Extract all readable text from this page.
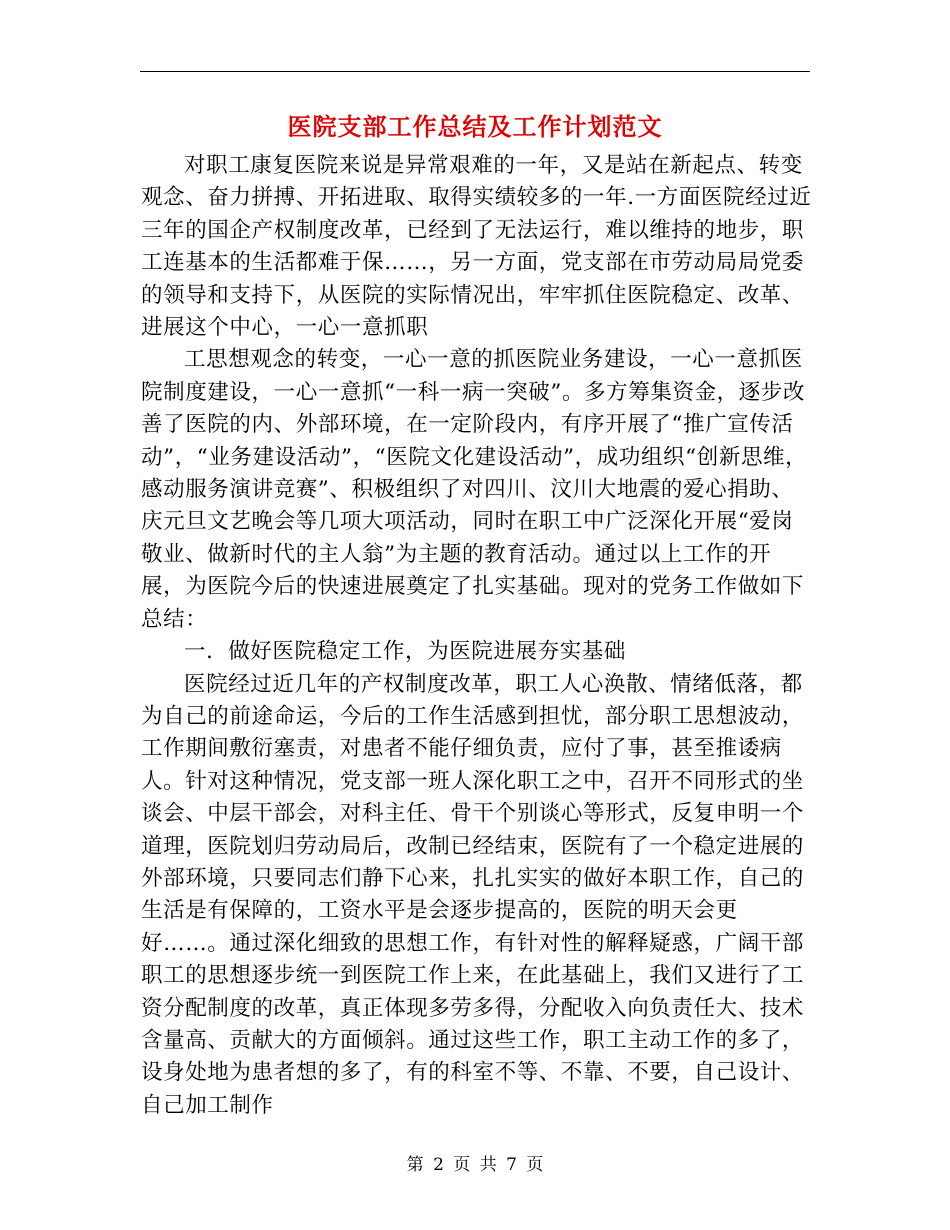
医院支部工作总结及工作计划范文

对职工康复医院来说是异常艰难的一年，又是站在新起点、转变观念、奋力拼搏、开拓进取、取得实绩较多的一年.一方面医院经过近三年的国企产权制度改革，已经到了无法运行，难以维持的地步，职工连基本的生活都难于保……，另一方面，党支部在市劳动局局党委的领导和支持下，从医院的实际情况出，牢牢抓住医院稳定、改革、进展这个中心，一心一意抓职

工思想观念的转变，一心一意的抓医院业务建设，一心一意抓医院制度建设，一心一意抓“一科一病一突破”。多方筹集资金，逐步改善了医院的内、外部环境，在一定阶段内，有序开展了“推广宣传活动”，“业务建设活动”，“医院文化建设活动”，成功组织“创新思维，感动服务演讲竞赛”、积极组织了对四川、汶川大地震的爱心捐助、庆元旦文艺晚会等几项大项活动，同时在职工中广泛深化开展“爱岗敬业、做新时代的主人翁”为主题的教育活动。通过以上工作的开展，为医院今后的快速进展奠定了扎实基础。现对的党务工作做如下总结：

一．做好医院稳定工作，为医院进展夯实基础

医院经过近几年的产权制度改革，职工人心涣散、情绪低落，都为自己的前途命运，今后的工作生活感到担忧，部分职工思想波动，工作期间敷衍塞责，对患者不能仔细负责，应付了事，甚至推诿病人。针对这种情况，党支部一班人深化职工之中，召开不同形式的坐谈会、中层干部会，对科主任、骨干个别谈心等形式，反复申明一个道理，医院划归劳动局后，改制已经结束，医院有了一个稳定进展的外部环境，只要同志们静下心来，扎扎实实的做好本职工作，自己的生活是有保障的，工资水平是会逐步提高的，医院的明天会更好……。通过深化细致的思想工作，有针对性的解释疑惑，广阔干部职工的思想逐步统一到医院工作上来，在此基础上，我们又进行了工资分配制度的改革，真正体现多劳多得，分配收入向负责任大、技术含量高、贡献大的方面倾斜。通过这些工作，职工主动工作的多了，设身处地为患者想的多了，有的科室不等、不靠、不要，自己设计、自己加工制作

第 2 页 共 7 页
